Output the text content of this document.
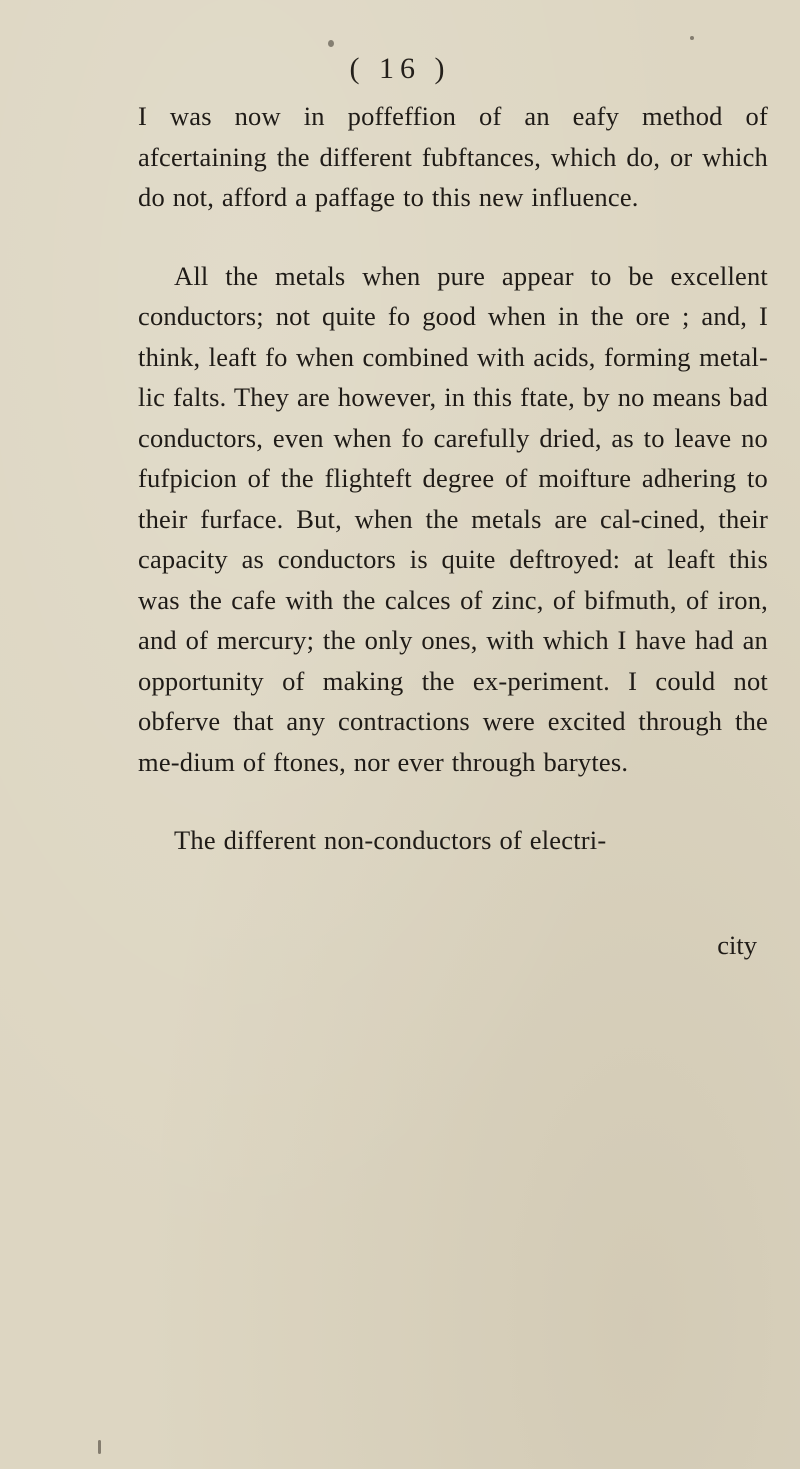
( 16 )

I was now in poffeffion of an eafy method of afcertaining the different fubftances, which do, or which do not, afford a paffage to this new influence.

All the metals when pure appear to be excellent conductors; not quite fo good when in the ore ; and, I think, leaft fo when combined with acids, forming metal-lic falts. They are however, in this ftate, by no means bad conductors, even when fo carefully dried, as to leave no fufpicion of the flighteft degree of moifture adhering to their furface. But, when the metals are cal-cined, their capacity as conductors is quite deftroyed: at leaft this was the cafe with the calces of zinc, of bifmuth, of iron, and of mercury; the only ones, with which I have had an opportunity of making the ex-periment. I could not obferve that any contractions were excited through the me-dium of ftones, nor ever through barytes.

The different non-conductors of electri-

city
